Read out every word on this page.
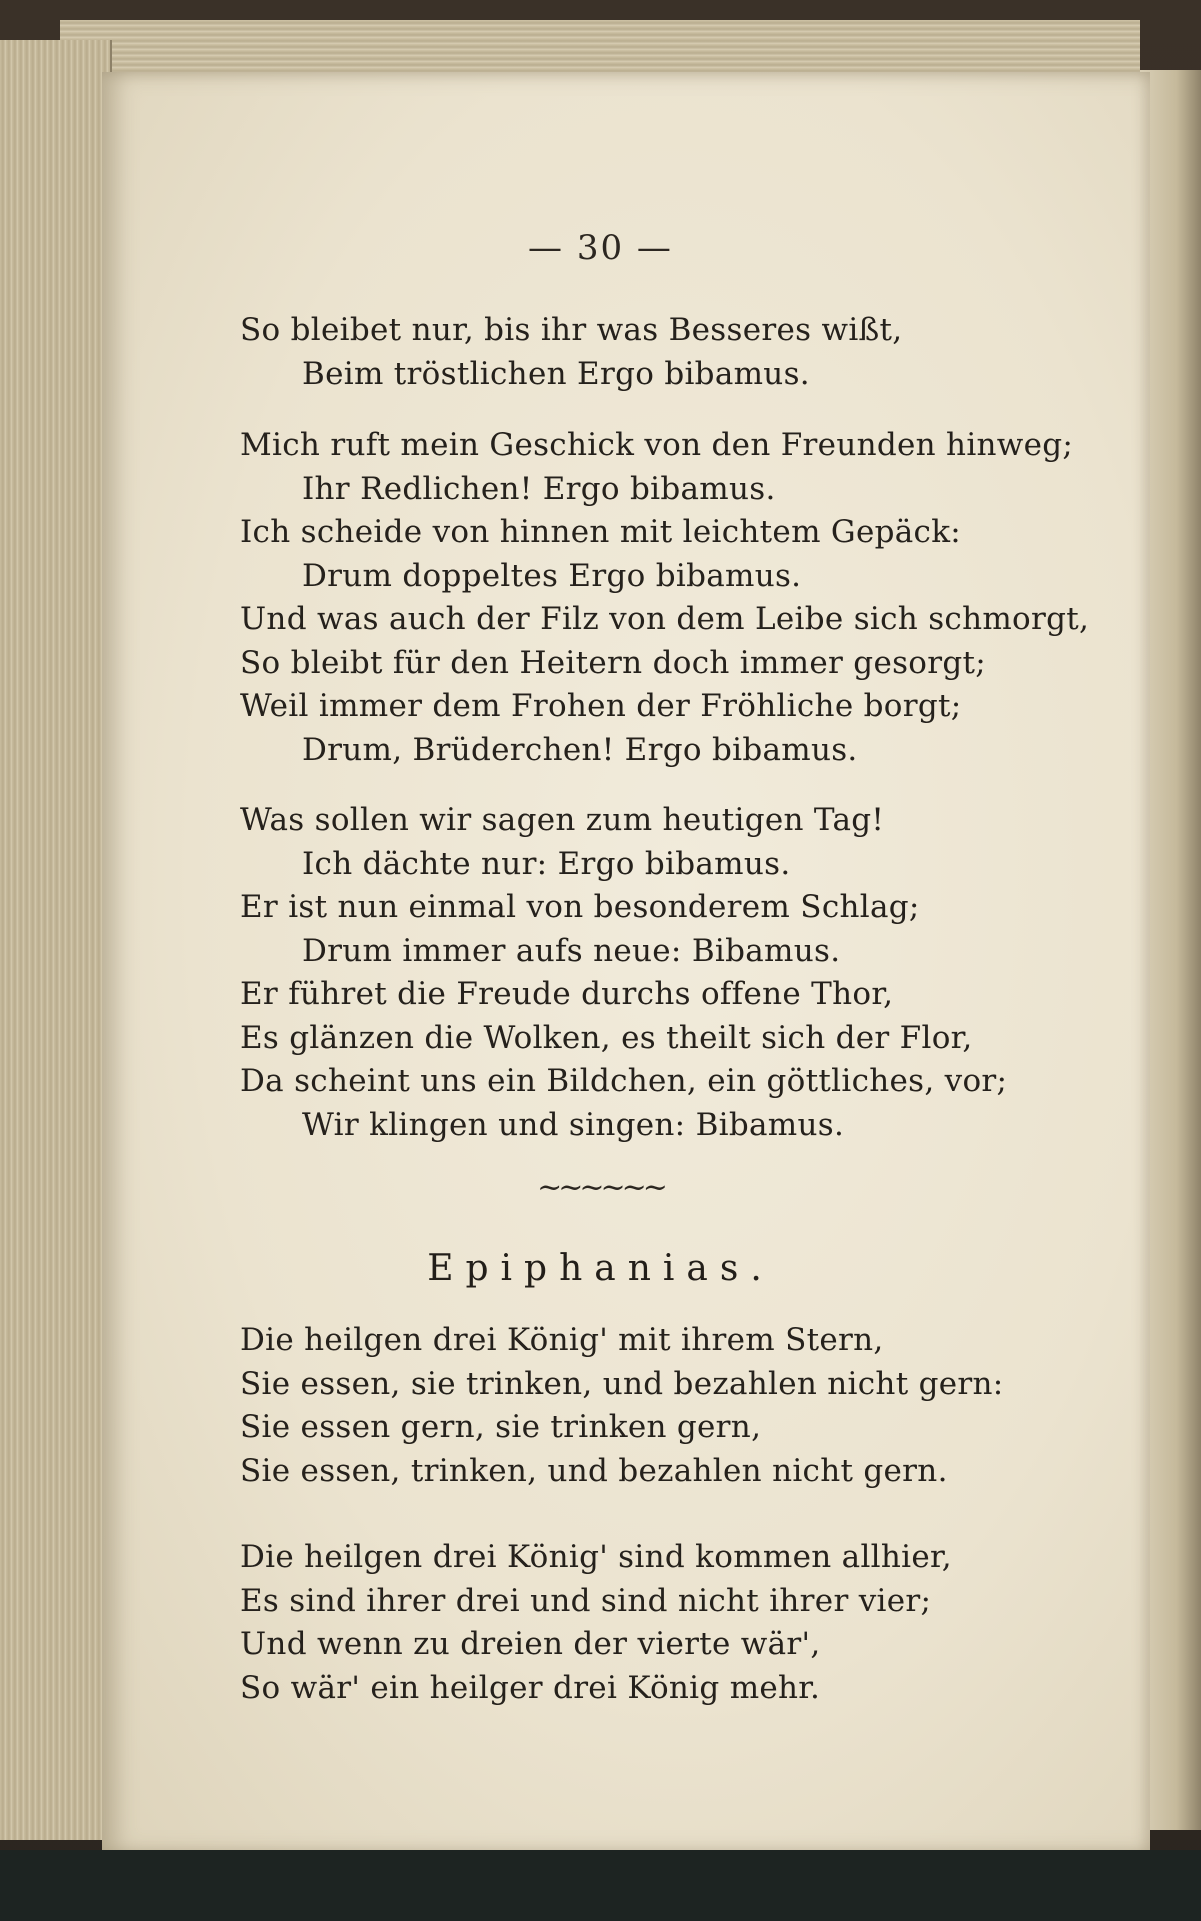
— 30 —
So bleibet nur, bis ihr was Besseres wißt,
Beim tröstlichen Ergo bibamus.
Mich ruft mein Geschick von den Freunden hinweg;
Ihr Redlichen! Ergo bibamus.
Ich scheide von hinnen mit leichtem Gepäck:
Drum doppeltes Ergo bibamus.
Und was auch der Filz von dem Leibe sich schmorgt,
So bleibt für den Heitern doch immer gesorgt;
Weil immer dem Frohen der Fröhliche borgt;
Drum, Brüderchen! Ergo bibamus.
Was sollen wir sagen zum heutigen Tag!
Ich dächte nur: Ergo bibamus.
Er ist nun einmal von besonderem Schlag;
Drum immer aufs neue: Bibamus.
Er führet die Freude durchs offene Thor,
Es glänzen die Wolken, es theilt sich der Flor,
Da scheint uns ein Bildchen, ein göttliches, vor;
Wir klingen und singen: Bibamus.
~~~~~~
Epiphanias.
Die heilgen drei König' mit ihrem Stern,
Sie essen, sie trinken, und bezahlen nicht gern:
Sie essen gern, sie trinken gern,
Sie essen, trinken, und bezahlen nicht gern.
Die heilgen drei König' sind kommen allhier,
Es sind ihrer drei und sind nicht ihrer vier;
Und wenn zu dreien der vierte wär',
So wär' ein heilger drei König mehr.
